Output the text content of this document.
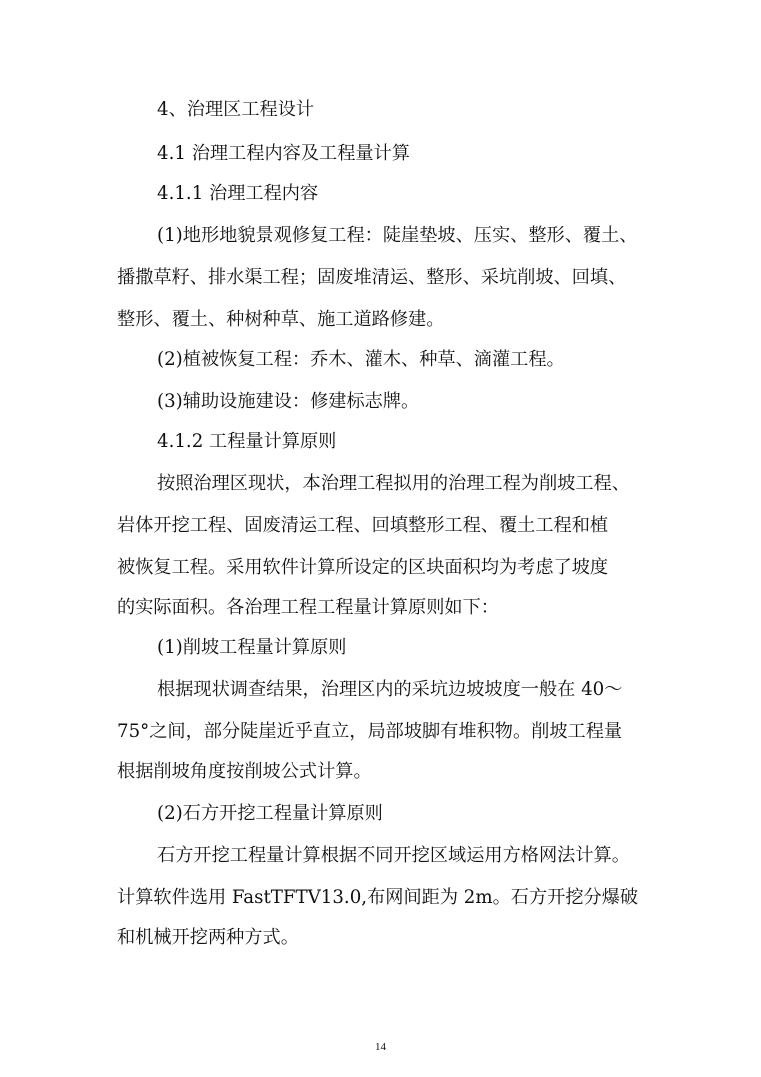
4、治理区工程设计
4.1 治理工程内容及工程量计算
4.1.1 治理工程内容
(1)地形地貌景观修复工程：陡崖垫坡、压实、整形、覆土、
播撒草籽、排水渠工程；固废堆清运、整形、采坑削坡、回填、
整形、覆土、种树种草、施工道路修建。
(2)植被恢复工程：乔木、灌木、种草、滴灌工程。
(3)辅助设施建设：修建标志牌。
4.1.2 工程量计算原则
按照治理区现状，本治理工程拟用的治理工程为削坡工程、
岩体开挖工程、固废清运工程、回填整形工程、覆土工程和植
被恢复工程。采用软件计算所设定的区块面积均为考虑了坡度
的实际面积。各治理工程工程量计算原则如下：
(1)削坡工程量计算原则
根据现状调查结果，治理区内的采坑边坡坡度一般在 40～
75°之间，部分陡崖近乎直立，局部坡脚有堆积物。削坡工程量
根据削坡角度按削坡公式计算。
(2)石方开挖工程量计算原则
石方开挖工程量计算根据不同开挖区域运用方格网法计算。
计算软件选用 FastTFTV13.0,布网间距为 2m。石方开挖分爆破
和机械开挖两种方式。
14
